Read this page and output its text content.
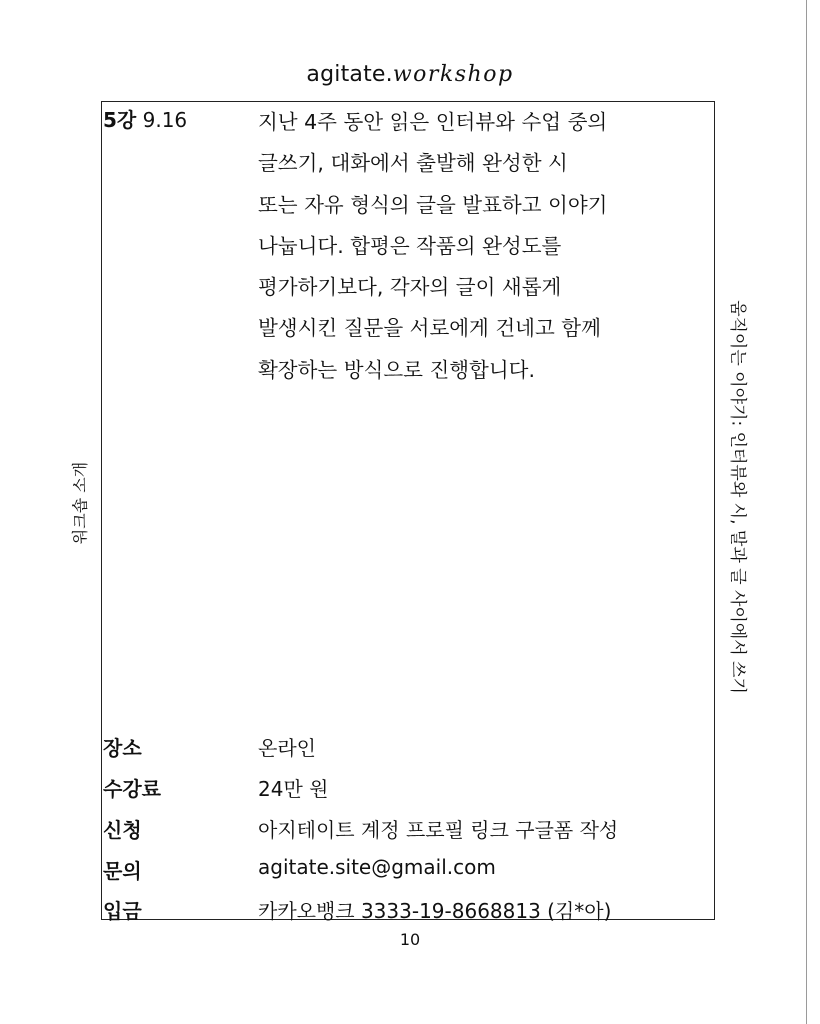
agitate.workshop
5강 9.16	지난 4주 동안 읽은 인터뷰와 수업 중의
글쓰기, 대화에서 출발해 완성한 시
또는 자유 형식의 글을 발표하고 이야기
나눕니다. 합평은 작품의 완성도를
평가하기보다, 각자의 글이 새롭게
발생시킨 질문을 서로에게 건네고 함께
확장하는 방식으로 진행합니다.
장소	온라인
수강료	24만 원
신청	아지테이트 계정 프로필 링크 구글폼 작성
문의	agitate.site@gmail.com
입금	카카오뱅크 3333-19-8668813 (김*아)
워크숍 소개	움직이는 이야기: 인터뷰와 시, 말과 글 사이에서 쓰기
10
